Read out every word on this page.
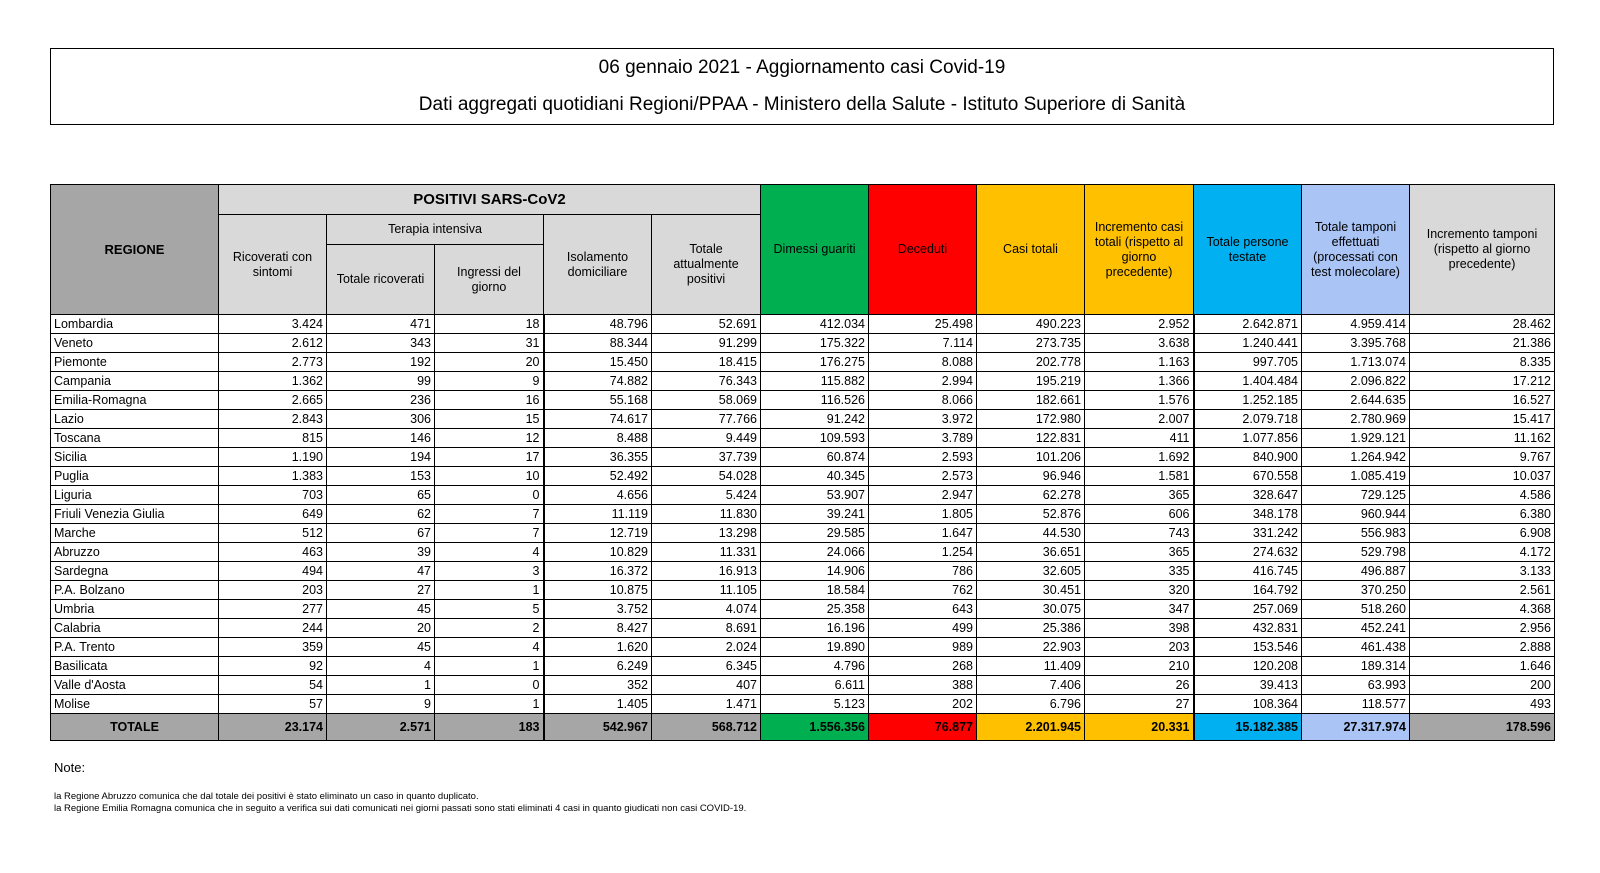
06 gennaio 2021 - Aggiornamento casi Covid-19
Dati aggregati quotidiani Regioni/PPAA - Ministero della Salute - Istituto Superiore di Sanità
REGIONE	POSITIVI SARS-CoV2					Dimessi guariti	Deceduti	Casi totali	Incremento casi totali (rispetto al giorno precedente)	Totale persone testate	Totale tamponi effettuati (processati con test molecolare)	Incremento tamponi (rispetto al giorno precedente)
	Ricoverati con sintomi	Terapia intensiva		Isolamento domiciliare	Totale attualmente positivi							
		Totale ricoverati	Ingressi del giorno									
Lombardia	3.424	471	18	48.796	52.691	412.034	25.498	490.223	2.952	2.642.871	4.959.414	28.462
Veneto	2.612	343	31	88.344	91.299	175.322	7.114	273.735	3.638	1.240.441	3.395.768	21.386
Piemonte	2.773	192	20	15.450	18.415	176.275	8.088	202.778	1.163	997.705	1.713.074	8.335
Campania	1.362	99	9	74.882	76.343	115.882	2.994	195.219	1.366	1.404.484	2.096.822	17.212
Emilia-Romagna	2.665	236	16	55.168	58.069	116.526	8.066	182.661	1.576	1.252.185	2.644.635	16.527
Lazio	2.843	306	15	74.617	77.766	91.242	3.972	172.980	2.007	2.079.718	2.780.969	15.417
Toscana	815	146	12	8.488	9.449	109.593	3.789	122.831	411	1.077.856	1.929.121	11.162
Sicilia	1.190	194	17	36.355	37.739	60.874	2.593	101.206	1.692	840.900	1.264.942	9.767
Puglia	1.383	153	10	52.492	54.028	40.345	2.573	96.946	1.581	670.558	1.085.419	10.037
Liguria	703	65	0	4.656	5.424	53.907	2.947	62.278	365	328.647	729.125	4.586
Friuli Venezia Giulia	649	62	7	11.119	11.830	39.241	1.805	52.876	606	348.178	960.944	6.380
Marche	512	67	7	12.719	13.298	29.585	1.647	44.530	743	331.242	556.983	6.908
Abruzzo	463	39	4	10.829	11.331	24.066	1.254	36.651	365	274.632	529.798	4.172
Sardegna	494	47	3	16.372	16.913	14.906	786	32.605	335	416.745	496.887	3.133
P.A. Bolzano	203	27	1	10.875	11.105	18.584	762	30.451	320	164.792	370.250	2.561
Umbria	277	45	5	3.752	4.074	25.358	643	30.075	347	257.069	518.260	4.368
Calabria	244	20	2	8.427	8.691	16.196	499	25.386	398	432.831	452.241	2.956
P.A. Trento	359	45	4	1.620	2.024	19.890	989	22.903	203	153.546	461.438	2.888
Basilicata	92	4	1	6.249	6.345	4.796	268	11.409	210	120.208	189.314	1.646
Valle d'Aosta	54	1	0	352	407	6.611	388	7.406	26	39.413	63.993	200
Molise	57	9	1	1.405	1.471	5.123	202	6.796	27	108.364	118.577	493
TOTALE	23.174	2.571	183	542.967	568.712	1.556.356	76.877	2.201.945	20.331	15.182.385	27.317.974	178.596
Note:
la Regione Abruzzo comunica che dal totale dei positivi è stato eliminato un caso in quanto duplicato.
la Regione Emilia Romagna comunica che in seguito a verifica sui dati comunicati nei giorni passati sono stati eliminati 4 casi in quanto giudicati non casi COVID-19.
